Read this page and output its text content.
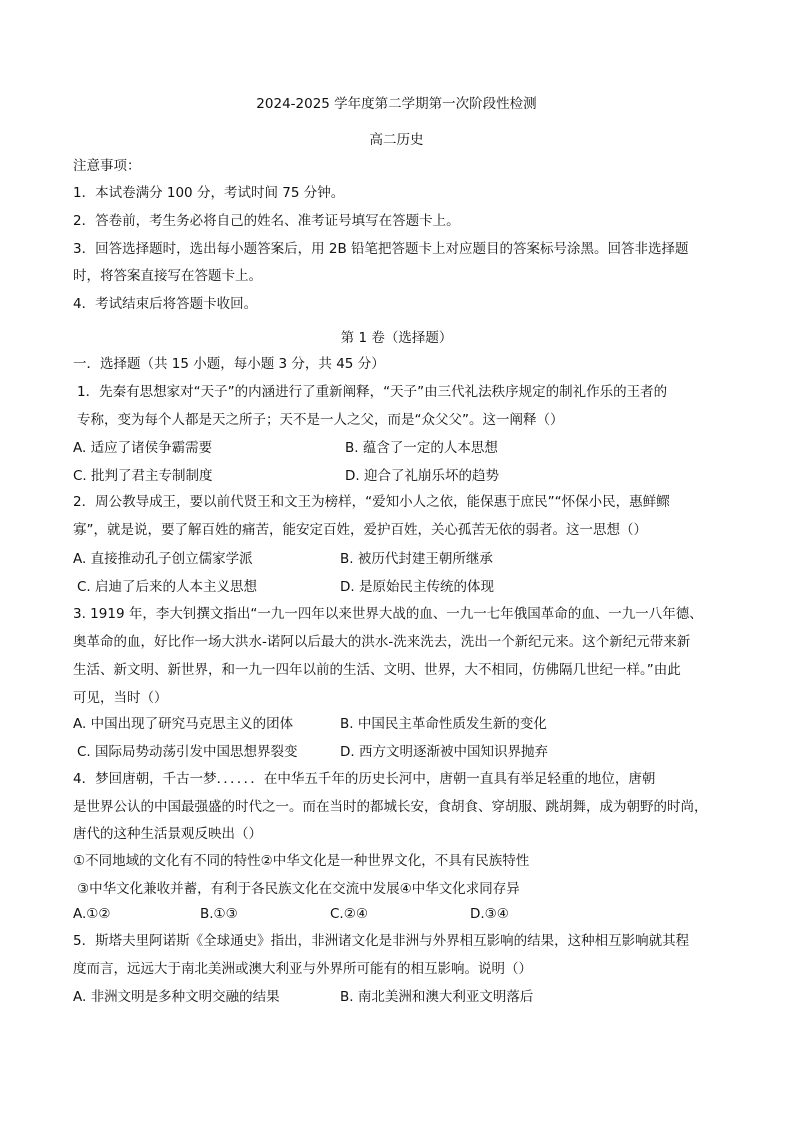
2024-2025 学年度第二学期第一次阶段性检测
高二历史
注意事项：
1．本试卷满分 100 分，考试时间 75 分钟。
2．答卷前，考生务必将自己的姓名、准考证号填写在答题卡上。
3．回答选择题时，选出每小题答案后，用 2B 铅笔把答题卡上对应题目的答案标号涂黑。回答非选择题
时，将答案直接写在答题卡上。
4．考试结束后将答题卡收回。
第 1 卷（选择题）
一．选择题（共 15 小题，每小题 3 分，共 45 分）
1．先秦有思想家对“天子”的内涵进行了重新阐释，“天子”由三代礼法秩序规定的制礼作乐的王者的
专称，变为每个人都是天之所子；天不是一人之父，而是“众父父”。这一阐释（）
A. 适应了诸侯争霸需要	B. 蕴含了一定的人本思想
C. 批判了君主专制制度	D. 迎合了礼崩乐坏的趋势
2．周公教导成王，要以前代贤王和文王为榜样，“爱知小人之依，能保惠于庶民”“怀保小民，惠鲜鳏
寡”，就是说，要了解百姓的痛苦，能安定百姓，爱护百姓，关心孤苦无依的弱者。这一思想（）
A. 直接推动孔子创立儒家学派	B. 被历代封建王朝所继承
C. 启迪了后来的人本主义思想	D. 是原始民主传统的体现
3. 1919 年，李大钊撰文指出“一九一四年以来世界大战的血、一九一七年俄国革命的血、一九一八年德、
奥革命的血，好比作一场大洪水-诺阿以后最大的洪水-洗来洗去，洗出一个新纪元来。这个新纪元带来新
生活、新文明、新世界，和一九一四年以前的生活、文明、世界，大不相同，仿佛隔几世纪一样。”由此
可见，当时（）
A. 中国出现了研究马克思主义的团体	B. 中国民主革命性质发生新的变化
C. 国际局势动荡引发中国思想界裂变	D. 西方文明逐渐被中国知识界抛弃
4．梦回唐朝，千古一梦．．．．．．在中华五千年的历史长河中，唐朝一直具有举足轻重的地位，唐朝
是世界公认的中国最强盛的时代之一。而在当时的都城长安，食胡食、穿胡服、跳胡舞，成为朝野的时尚，
唐代的这种生活景观反映出（）
①不同地域的文化有不同的特性②中华文化是一种世界文化，不具有民族特性
③中华文化兼收并蓄，有利于各民族文化在交流中发展④中华文化求同存异
A.①②	B.①③	C.②④	D.③④
5．斯塔夫里阿诺斯《全球通史》指出，非洲诸文化是非洲与外界相互影响的结果，这种相互影响就其程
度而言，远远大于南北美洲或澳大利亚与外界所可能有的相互影响。说明（）
A. 非洲文明是多种文明交融的结果	B. 南北美洲和澳大利亚文明落后
